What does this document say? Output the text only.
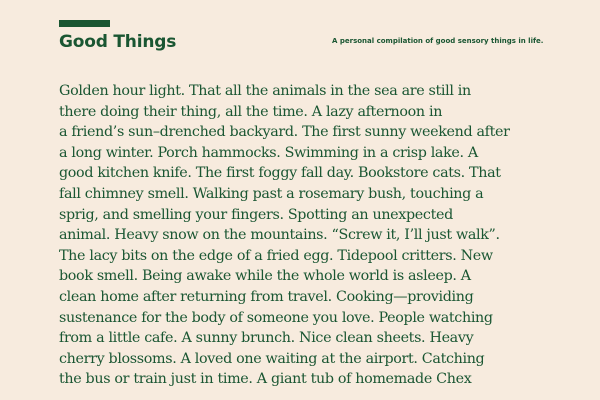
Good Things	A personal compilation of good sensory things in life.

Golden hour light. That all the animals in the sea are still in
there doing their thing, all the time. A lazy afternoon in
a friend’s sun–drenched backyard. The first sunny weekend after
a long winter. Porch hammocks. Swimming in a crisp lake. A
good kitchen knife. The first foggy fall day. Bookstore cats. That
fall chimney smell. Walking past a rosemary bush, touching a
sprig, and smelling your fingers. Spotting an unexpected
animal. Heavy snow on the mountains. “Screw it, I’ll just walk”.
The lacy bits on the edge of a fried egg. Tidepool critters. New
book smell. Being awake while the whole world is asleep. A
clean home after returning from travel. Cooking—providing
sustenance for the body of someone you love. People watching
from a little cafe. A sunny brunch. Nice clean sheets. Heavy
cherry blossoms. A loved one waiting at the airport. Catching
the bus or train just in time. A giant tub of homemade Chex
